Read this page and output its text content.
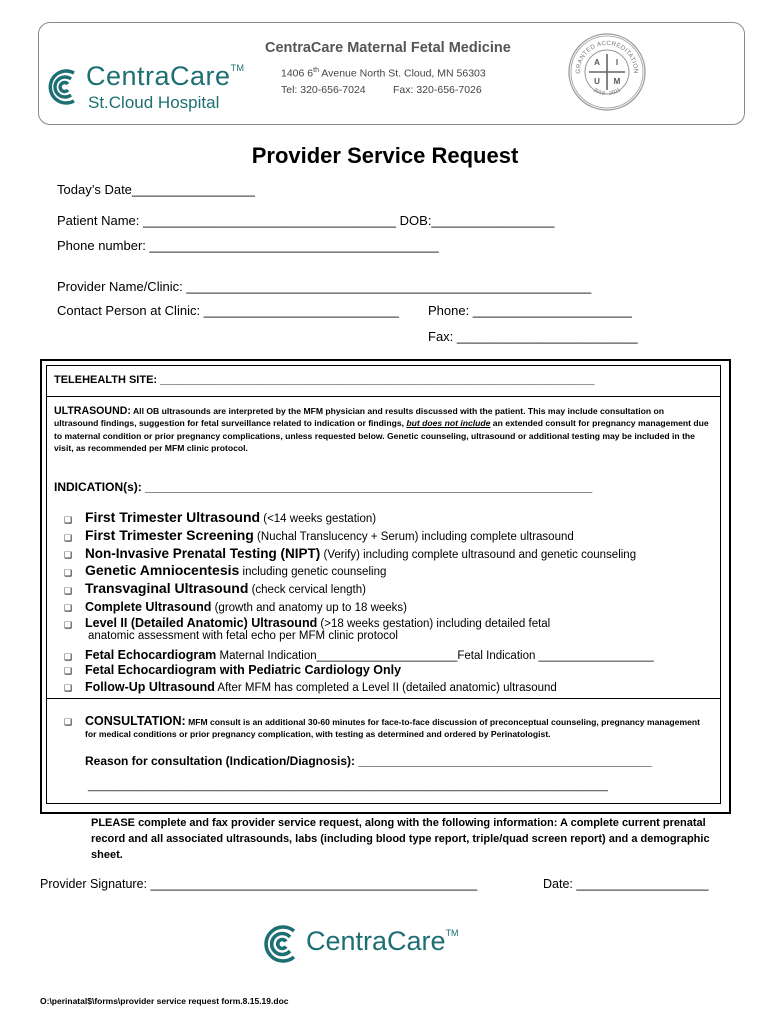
CentraCare™
St.Cloud Hospital
CentraCare Maternal Fetal Medicine
1406 6th Avenue North St. Cloud, MN 56303
Tel: 320-656-7024	Fax: 320-656-7026
GRANTED ACCREDITATION
2018 - 2021
A I
U M
Provider Service Request
Today’s Date_________________
Patient Name: ___________________________________ DOB:_________________
Phone number: ________________________________________
Provider Name/Clinic: ________________________________________________________
Contact Person at Clinic: ___________________________ Phone: ______________________
Fax: _________________________
TELEHEALTH SITE: _______________________________________________________________________
ULTRASOUND: All OB ultrasounds are interpreted by the MFM physician and results discussed with the patient. This may include consultation on ultrasound findings, suggestion for fetal surveillance related to indication or findings, but does not include an extended consult for pregnancy management due to maternal condition or prior pregnancy complications, unless requested below. Genetic counseling, ultrasound or additional testing may be included in the visit, as recommended per MFM clinic protocol.
INDICATION(s): ___________________________________________________________________
❑ First Trimester Ultrasound (<14 weeks gestation)
❑ First Trimester Screening (Nuchal Translucency + Serum) including complete ultrasound
❑ Non-Invasive Prenatal Testing (NIPT) (Verify) including complete ultrasound and genetic counseling
❑ Genetic Amniocentesis including genetic counseling
❑ Transvaginal Ultrasound (check cervical length)
❑ Complete Ultrasound (growth and anatomy up to 18 weeks)
❑ Level II (Detailed Anatomic) Ultrasound (>18 weeks gestation) including detailed fetal
anatomic assessment with fetal echo per MFM clinic protocol
❑ Fetal Echocardiogram Maternal Indication______________________Fetal Indication __________________
❑ Fetal Echocardiogram with Pediatric Cardiology Only
❑ Follow-Up Ultrasound After MFM has completed a Level II (detailed anatomic) ultrasound
❑ CONSULTATION: MFM consult is an additional 30-60 minutes for face-to-face discussion of preconceptual counseling, pregnancy management for medical conditions or prior pregnancy complication, with testing as determined and ordered by Perinatologist.
Reason for consultation (Indication/Diagnosis): ____________________________________________
_____________________________________________________________________________________
PLEASE complete and fax provider service request, along with the following information: A complete current prenatal record and all associated ultrasounds, labs (including blood type report, triple/quad screen report) and a demographic sheet.
Provider Signature: _______________________________________________	Date: ___________________
CentraCare™
O:\perinatal$\forms\provider service request form.8.15.19.doc
